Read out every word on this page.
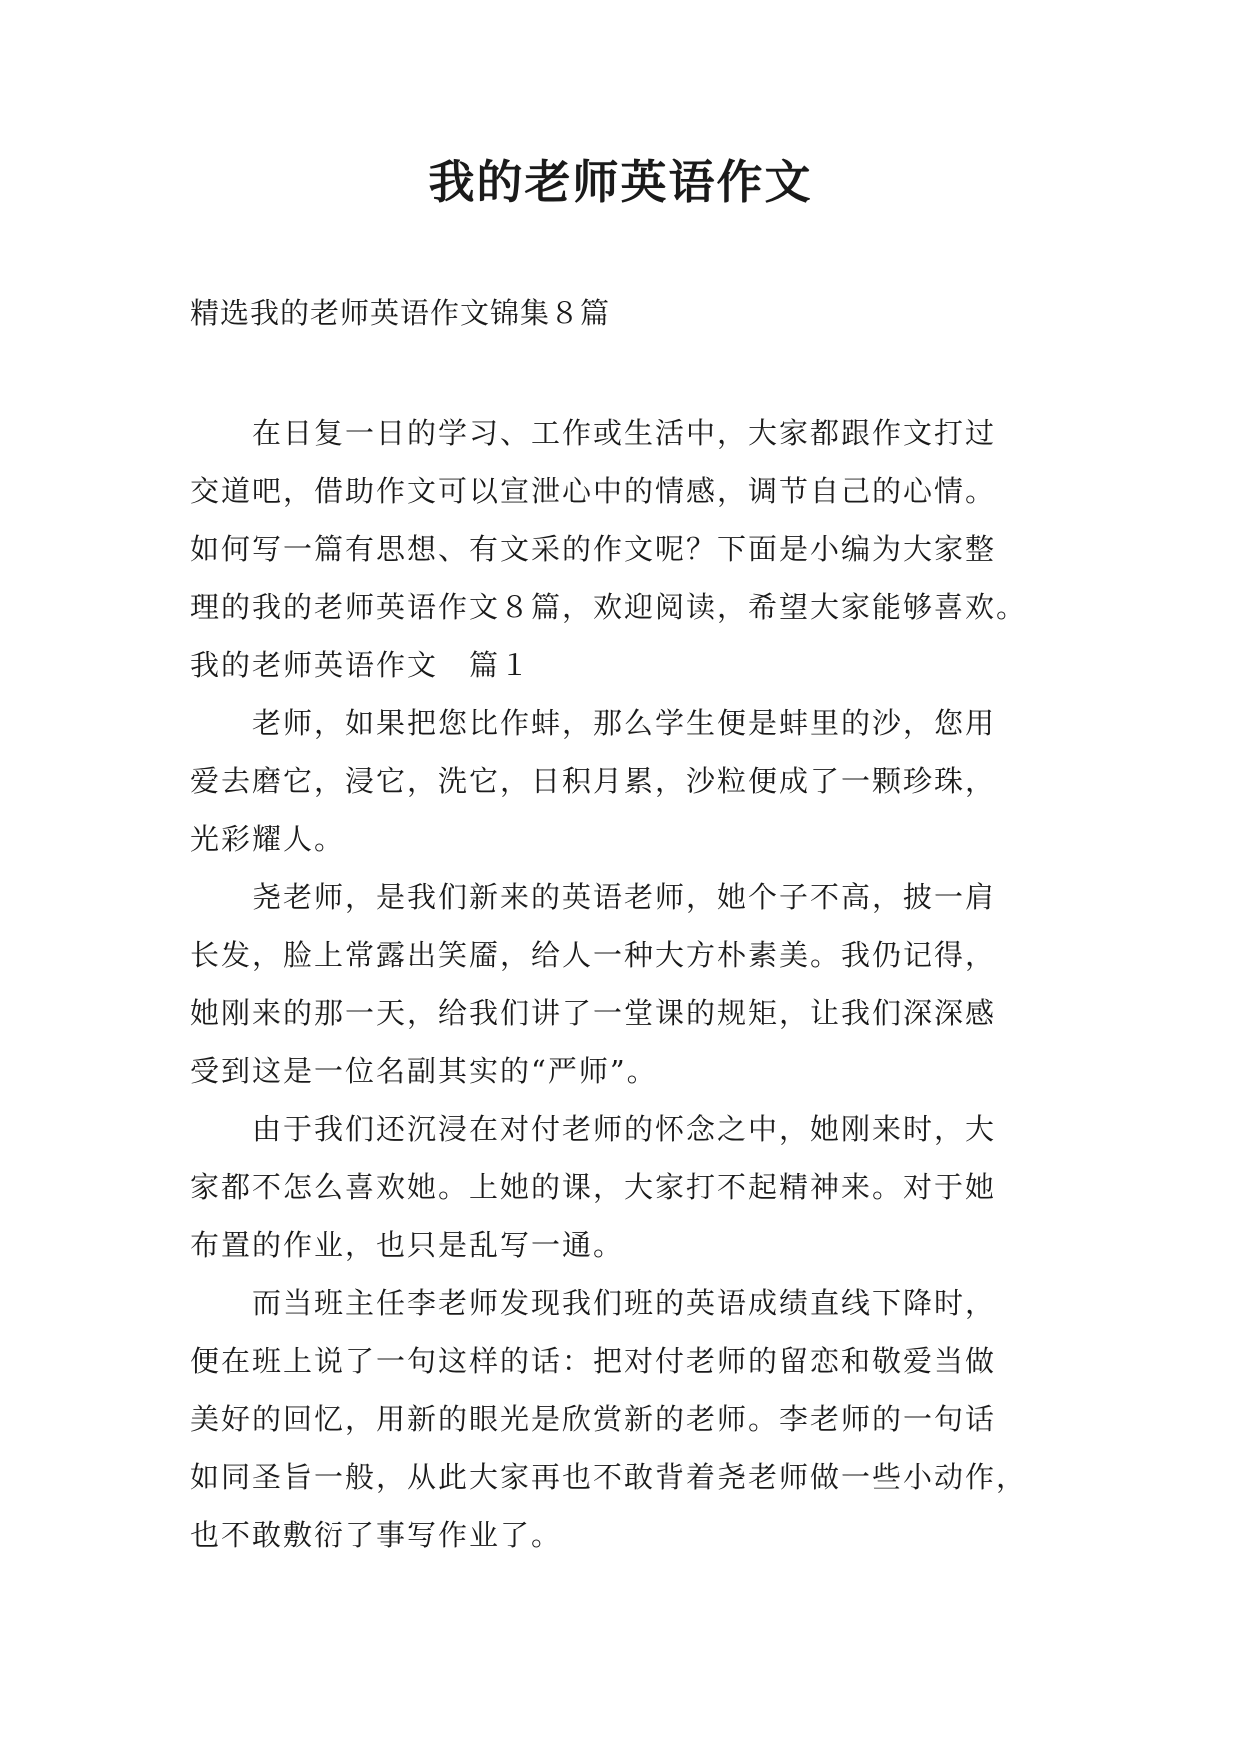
我的老师英语作文
精选我的老师英语作文锦集８篇

　　在日复一日的学习、工作或生活中，大家都跟作文打过

交道吧，借助作文可以宣泄心中的情感，调节自己的心情。

如何写一篇有思想、有文采的作文呢？下面是小编为大家整

理的我的老师英语作文８篇，欢迎阅读，希望大家能够喜欢。

我的老师英语作文　篇１

　　老师，如果把您比作蚌，那么学生便是蚌里的沙，您用

爱去磨它，浸它，洗它，日积月累，沙粒便成了一颗珍珠，

光彩耀人。

　　尧老师，是我们新来的英语老师，她个子不高，披一肩

长发，脸上常露出笑靥，给人一种大方朴素美。我仍记得，

她刚来的那一天，给我们讲了一堂课的规矩，让我们深深感

受到这是一位名副其实的“严师”。

　　由于我们还沉浸在对付老师的怀念之中，她刚来时，大

家都不怎么喜欢她。上她的课，大家打不起精神来。对于她

布置的作业，也只是乱写一通。

　　而当班主任李老师发现我们班的英语成绩直线下降时，

便在班上说了一句这样的话：把对付老师的留恋和敬爱当做

美好的回忆，用新的眼光是欣赏新的老师。李老师的一句话

如同圣旨一般，从此大家再也不敢背着尧老师做一些小动作，

也不敢敷衍了事写作业了。
